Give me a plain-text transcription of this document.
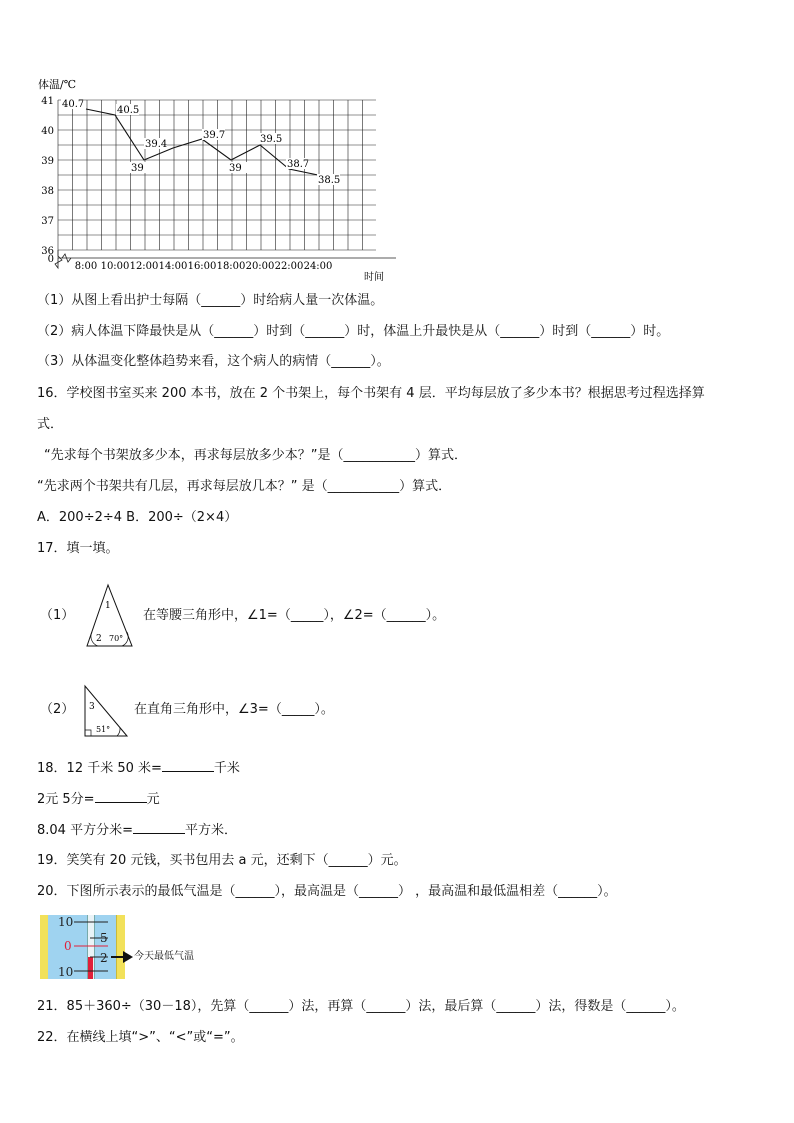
体温/℃
41
40
39
38
37
36
0
8:00 10:00 12:00 14:00 16:00 18:00 20:00 22:00 24:00
40.7
40.5
39
39.4
39.7
39
39.5
38.7
38.5
时间
（1）从图上看出护士每隔（______）时给病人量一次体温。
（2）病人体温下降最快是从（______）时到（______）时，体温上升最快是从（______）时到（______）时。
（3）从体温变化整体趋势来看，这个病人的病情（______）。
16．学校图书室买来 200 本书，放在 2 个书架上，每个书架有 4 层．平均每层放了多少本书？根据思考过程选择算
式．
“先求每个书架放多少本，再求每层放多少本？”是（___________）算式．
“先求两个书架共有几层，再求每层放几本？” 是（___________）算式．
A．200÷2÷4 B．200÷（2×4）
17．填一填。
（1）
1
2 70°
在等腰三角形中，∠1=（_____），∠2=（______）。
（2） 3
51°
在直角三角形中，∠3=（_____）。
18．12 千米 50 米=	千米
2元 5分=	元
8.04 平方分米=	平方米．
19．笑笑有 20 元钱，买书包用去 a 元，还剩下（______）元。
20．下图所示表示的最低气温是（______），最高温是（______） ，最高温和最低温相差（______）。
10
5
0
2
10
今天最低气温
21．85＋360÷（30－18），先算（______）法，再算（______）法，最后算（______）法，得数是（______）。
22．在横线上填“>”、“<”或“=”。
